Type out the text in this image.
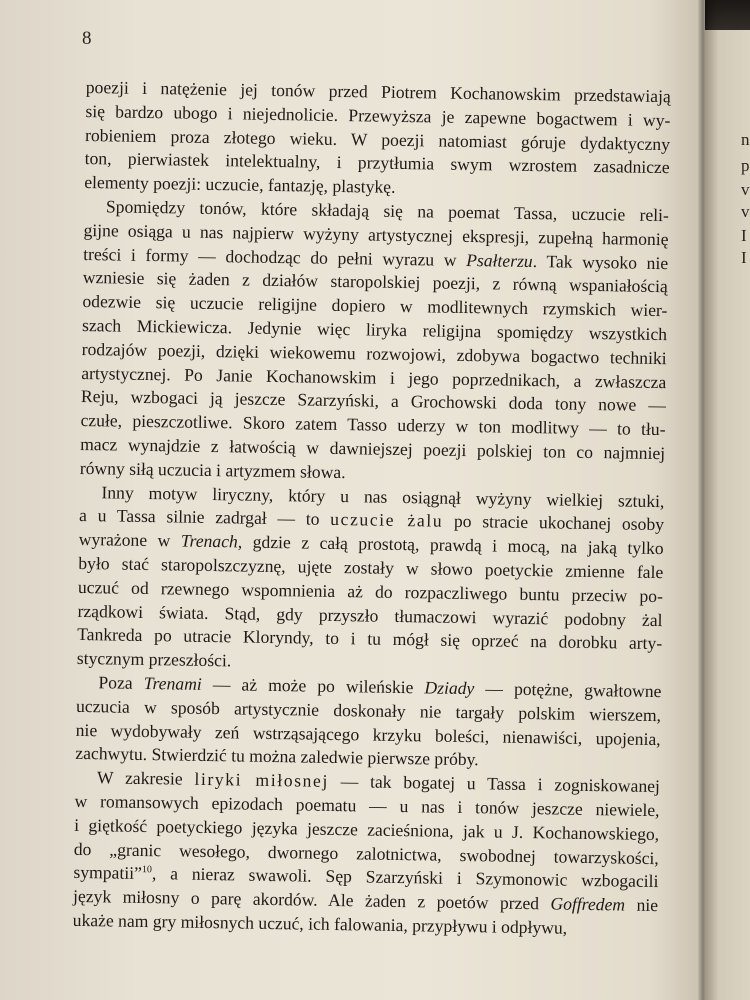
8
poezji i natężenie jej tonów przed Piotrem Kochanowskim przedstawiają
się bardzo ubogo i niejednolicie. Przewyższa je zapewne bogactwem i wy-
robieniem proza złotego wieku. W poezji natomiast góruje dydaktyczny
ton, pierwiastek intelektualny, i przytłumia swym wzrostem zasadnicze
elementy poezji: uczucie, fantazję, plastykę.
Spomiędzy tonów, które składają się na poemat Tassa, uczucie reli-
gijne osiąga u nas najpierw wyżyny artystycznej ekspresji, zupełną harmonię
treści i formy — dochodząc do pełni wyrazu w Psałterzu. Tak wysoko nie
wzniesie się żaden z działów staropolskiej poezji, z równą wspaniałością
odezwie się uczucie religijne dopiero w modlitewnych rzymskich wier-
szach Mickiewicza. Jedynie więc liryka religijna spomiędzy wszystkich
rodzajów poezji, dzięki wiekowemu rozwojowi, zdobywa bogactwo techniki
artystycznej. Po Janie Kochanowskim i jego poprzednikach, a zwłaszcza
Reju, wzbogaci ją jeszcze Szarzyński, a Grochowski doda tony nowe —
czułe, pieszczotliwe. Skoro zatem Tasso uderzy w ton modlitwy — to tłu-
macz wynajdzie z łatwością w dawniejszej poezji polskiej ton co najmniej
równy siłą uczucia i artyzmem słowa.
Inny motyw liryczny, który u nas osiągnął wyżyny wielkiej sztuki,
a u Tassa silnie zadrgał — to uczucie żalu po stracie ukochanej osoby
wyrażone w Trenach, gdzie z całą prostotą, prawdą i mocą, na jaką tylko
było stać staropolszczyznę, ujęte zostały w słowo poetyckie zmienne fale
uczuć od rzewnego wspomnienia aż do rozpaczliwego buntu przeciw po-
rządkowi świata. Stąd, gdy przyszło tłumaczowi wyrazić podobny żal
Tankreda po utracie Kloryndy, to i tu mógł się oprzeć na dorobku arty-
stycznym przeszłości.
Poza Trenami — aż może po wileńskie Dziady — potężne, gwałtowne
uczucia w sposób artystycznie doskonały nie targały polskim wierszem,
nie wydobywały zeń wstrząsającego krzyku boleści, nienawiści, upojenia,
zachwytu. Stwierdzić tu można zaledwie pierwsze próby.
W zakresie liryki miłosnej — tak bogatej u Tassa i zogniskowanej
w romansowych epizodach poematu — u nas i tonów jeszcze niewiele,
i giętkość poetyckiego języka jeszcze zacieśniona, jak u J. Kochanowskiego,
do „granic wesołego, dwornego zalotnictwa, swobodnej towarzyskości,
sympatii”$^{10}$, a nieraz swawoli. Sęp Szarzyński i Szymonowic wzbogacili
język miłosny o parę akordów. Ale żaden z poetów przed Goffredem nie
ukaże nam gry miłosnych uczuć, ich falowania, przypływu i odpływu,
n
p
v
v
I
I
